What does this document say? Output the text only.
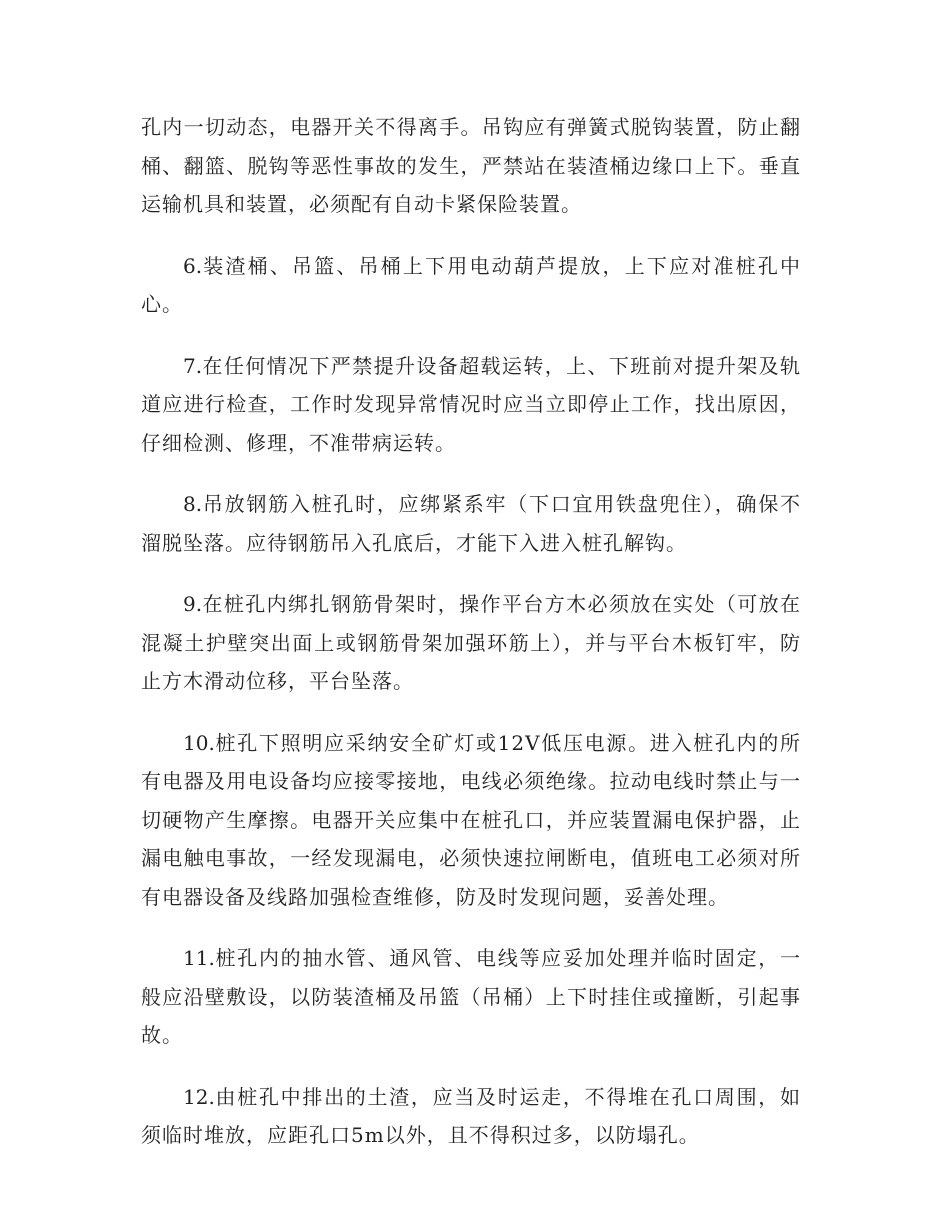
孔内一切动态，电器开关不得离手。吊钩应有弹簧式脱钩装置，防止翻桶、翻篮、脱钩等恶性事故的发生，严禁站在装渣桶边缘口上下。垂直运输机具和装置，必须配有自动卡紧保险装置。

6.装渣桶、吊篮、吊桶上下用电动葫芦提放，上下应对准桩孔中心。

7.在任何情况下严禁提升设备超载运转，上、下班前对提升架及轨道应进行检查，工作时发现异常情况时应当立即停止工作，找出原因，仔细检测、修理，不准带病运转。

8.吊放钢筋入桩孔时，应绑紧系牢（下口宜用铁盘兜住），确保不溜脱坠落。应待钢筋吊入孔底后，才能下入进入桩孔解钩。

9.在桩孔内绑扎钢筋骨架时，操作平台方木必须放在实处（可放在混凝土护壁突出面上或钢筋骨架加强环筋上），并与平台木板钉牢，防止方木滑动位移，平台坠落。

10.桩孔下照明应采纳安全矿灯或12V低压电源。进入桩孔内的所有电器及用电设备均应接零接地，电线必须绝缘。拉动电线时禁止与一切硬物产生摩擦。电器开关应集中在桩孔口，并应装置漏电保护器，止漏电触电事故，一经发现漏电，必须快速拉闸断电，值班电工必须对所有电器设备及线路加强检查维修，防及时发现问题，妥善处理。

11.桩孔内的抽水管、通风管、电线等应妥加处理并临时固定，一般应沿壁敷设，以防装渣桶及吊篮（吊桶）上下时挂住或撞断，引起事故。

12.由桩孔中排出的土渣，应当及时运走，不得堆在孔口周围，如须临时堆放，应距孔口5m以外，且不得积过多，以防塌孔。
